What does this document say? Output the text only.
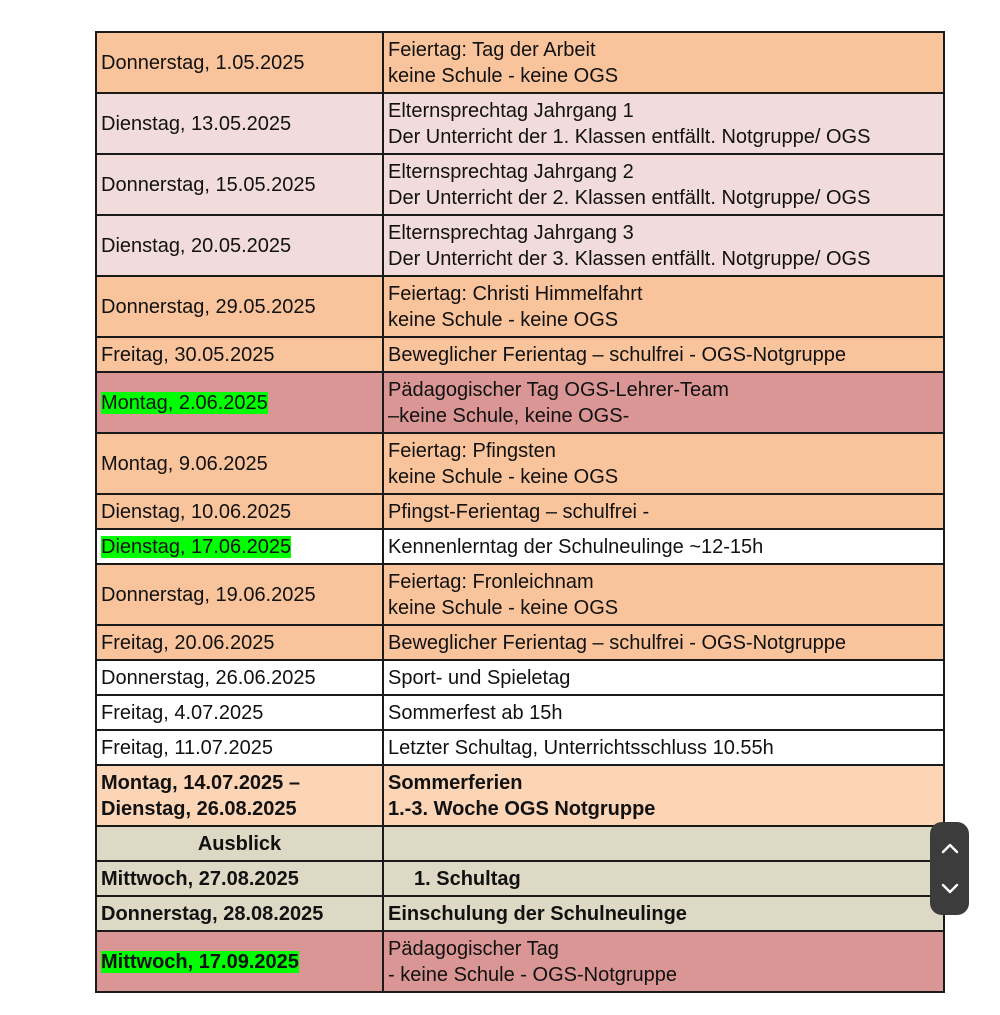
Donnerstag, 1.05.2025	Feiertag: Tag der Arbeit
keine Schule - keine OGS

Dienstag, 13.05.2025	Elternsprechtag Jahrgang 1
Der Unterricht der 1. Klassen entfällt. Notgruppe/ OGS

Donnerstag, 15.05.2025	Elternsprechtag Jahrgang 2
Der Unterricht der 2. Klassen entfällt. Notgruppe/ OGS

Dienstag, 20.05.2025	Elternsprechtag Jahrgang 3
Der Unterricht der 3. Klassen entfällt. Notgruppe/ OGS

Donnerstag, 29.05.2025	Feiertag: Christi Himmelfahrt
keine Schule - keine OGS

Freitag, 30.05.2025	Beweglicher Ferientag – schulfrei - OGS-Notgruppe

Montag, 2.06.2025	Pädagogischer Tag OGS-Lehrer-Team
–keine Schule, keine OGS-

Montag, 9.06.2025	Feiertag: Pfingsten
keine Schule - keine OGS

Dienstag, 10.06.2025	Pfingst-Ferientag – schulfrei -

Dienstag, 17.06.2025	Kennenlerntag der Schulneulinge ~12-15h

Donnerstag, 19.06.2025	Feiertag: Fronleichnam
keine Schule - keine OGS

Freitag, 20.06.2025	Beweglicher Ferientag – schulfrei - OGS-Notgruppe

Donnerstag, 26.06.2025	Sport- und Spieletag

Freitag, 4.07.2025	Sommerfest ab 15h

Freitag, 11.07.2025	Letzter Schultag, Unterrichtsschluss 10.55h

Montag, 14.07.2025 –
Dienstag, 26.08.2025	Sommerferien
1.-3. Woche OGS Notgruppe

Ausblick	
Mittwoch, 27.08.2025	1. Schultag

Donnerstag, 28.08.2025	Einschulung der Schulneulinge

Mittwoch, 17.09.2025	Pädagogischer Tag
- keine Schule - OGS-Notgruppe
